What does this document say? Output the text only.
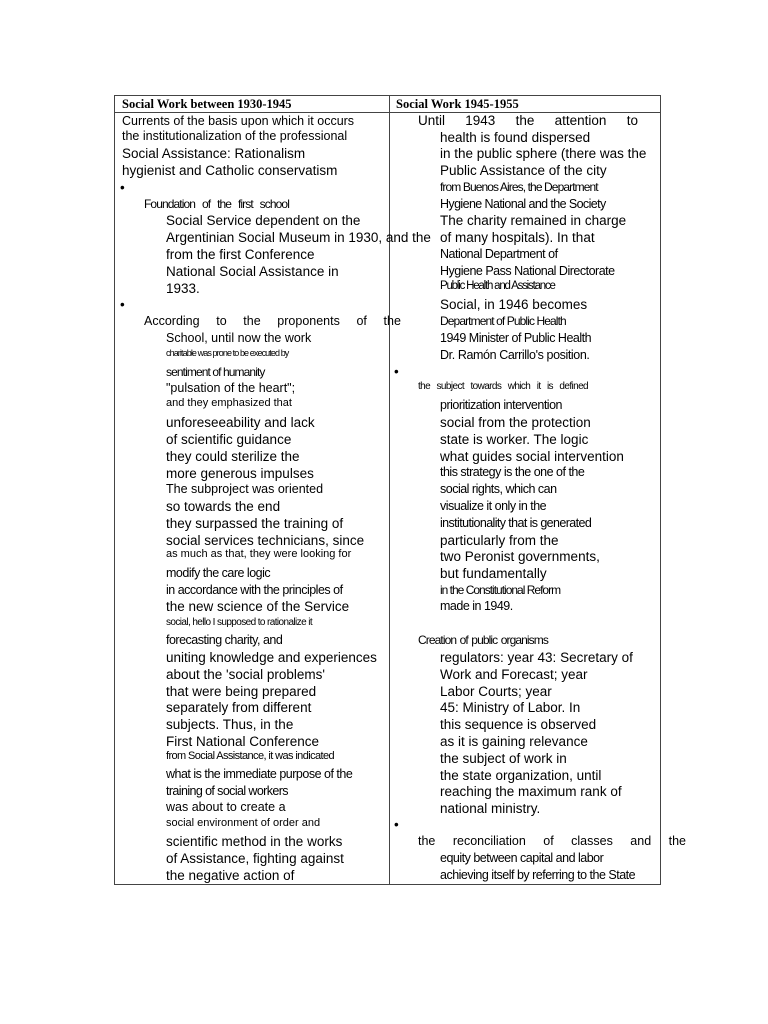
Social Work between 1930-1945	Social Work 1945-1955
Currents of the basis upon which it occurs
the institutionalization of the professional
Social Assistance: Rationalism
hygienist and Catholic conservatism
•
Foundation of the first school
Social Service dependent on the
Argentinian Social Museum in 1930, and the
from the first Conference
National Social Assistance in
1933.
•
According to the proponents of the
School, until now the work
charitable was prone to be executed by
sentiment of humanity
"pulsation of the heart";
and they emphasized that
unforeseeability and lack
of scientific guidance
they could sterilize the
more generous impulses
The subproject was oriented
so towards the end
they surpassed the training of
social services technicians, since
as much as that, they were looking for
modify the care logic
in accordance with the principles of
the new science of the Service
social, hello I supposed to rationalize it
forecasting charity, and
uniting knowledge and experiences
about the 'social problems'
that were being prepared
separately from different
subjects. Thus, in the
First National Conference
from Social Assistance, it was indicated
what is the immediate purpose of the
training of social workers
was about to create a
social environment of order and
scientific method in the works
of Assistance, fighting against
the negative action of
Until 1943 the attention to
health is found dispersed
in the public sphere (there was the
Public Assistance of the city
from Buenos Aires, the Department
Hygiene National and the Society
The charity remained in charge
of many hospitals). In that
National Department of
Hygiene Pass National Directorate
Public Health and Assistance
Social, in 1946 becomes
Department of Public Health
1949 Minister of Public Health
Dr. Ramón Carrillo's position.
•
the subject towards which it is defined
prioritization intervention
social from the protection
state is worker. The logic
what guides social intervention
this strategy is the one of the
social rights, which can
visualize it only in the
institutionality that is generated
particularly from the
two Peronist governments,
but fundamentally
in the Constitutional Reform
made in 1949.
Creation of public organisms
regulators: year 43: Secretary of
Work and Forecast; year
Labor Courts; year
45: Ministry of Labor. In
this sequence is observed
as it is gaining relevance
the subject of work in
the state organization, until
reaching the maximum rank of
national ministry.
•
the reconciliation of classes and the
equity between capital and labor
achieving itself by referring to the State
